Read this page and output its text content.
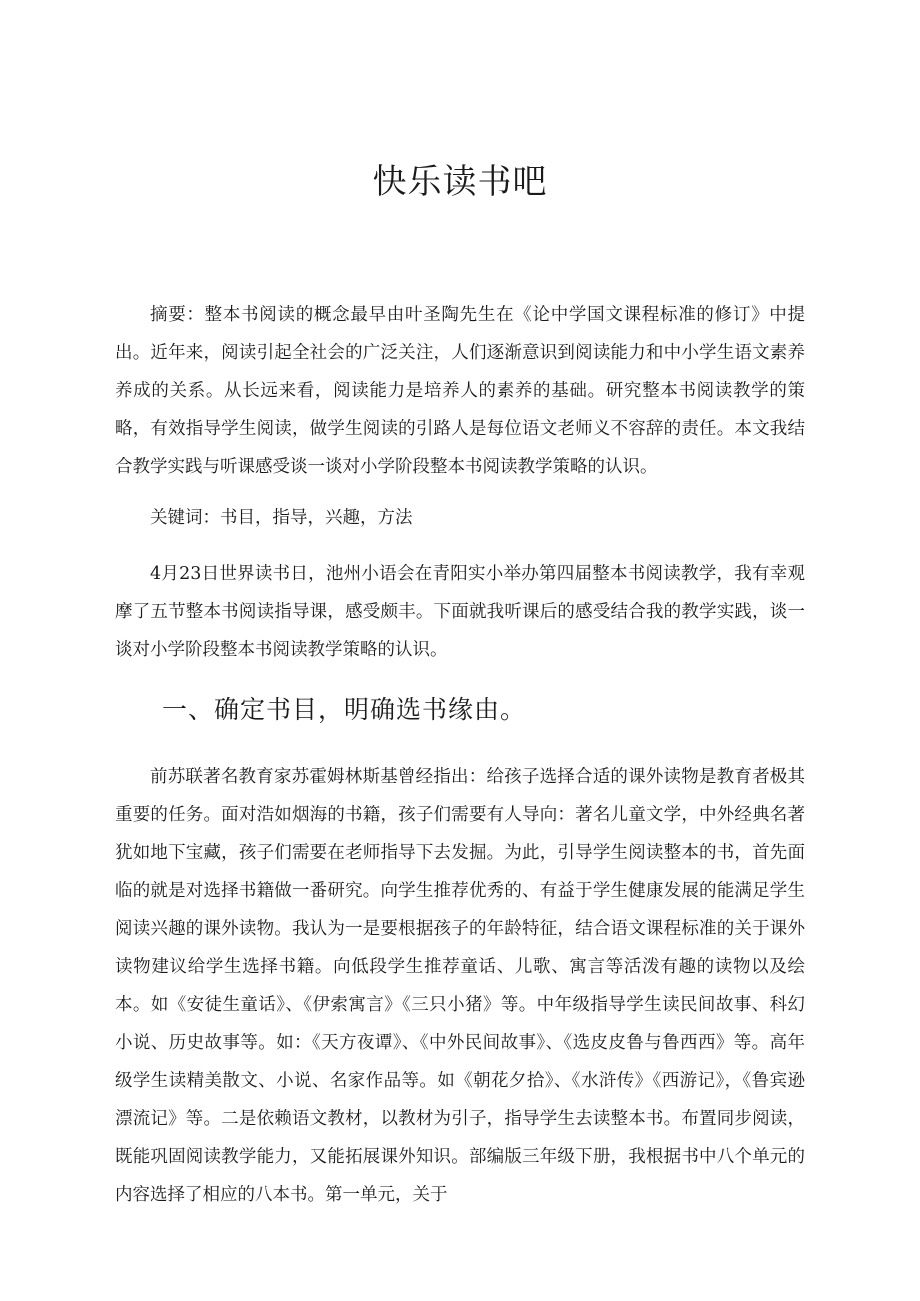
快乐读书吧

摘要：整本书阅读的概念最早由叶圣陶先生在《论中学国文课程标准的修订》中提出。近年来，阅读引起全社会的广泛关注，人们逐渐意识到阅读能力和中小学生语文素养养成的关系。从长远来看，阅读能力是培养人的素养的基础。研究整本书阅读教学的策略，有效指导学生阅读，做学生阅读的引路人是每位语文老师义不容辞的责任。本文我结合教学实践与听课感受谈一谈对小学阶段整本书阅读教学策略的认识。

关键词：书目，指导，兴趣，方法

4月23日世界读书日，池州小语会在青阳实小举办第四届整本书阅读教学，我有幸观摩了五节整本书阅读指导课，感受颇丰。下面就我听课后的感受结合我的教学实践，谈一谈对小学阶段整本书阅读教学策略的认识。

一、确定书目，明确选书缘由。

前苏联著名教育家苏霍姆林斯基曾经指出：给孩子选择合适的课外读物是教育者极其重要的任务。面对浩如烟海的书籍，孩子们需要有人导向：著名儿童文学，中外经典名著犹如地下宝藏，孩子们需要在老师指导下去发掘。为此，引导学生阅读整本的书，首先面临的就是对选择书籍做一番研究。向学生推荐优秀的、有益于学生健康发展的能满足学生阅读兴趣的课外读物。我认为一是要根据孩子的年龄特征，结合语文课程标准的关于课外读物建议给学生选择书籍。向低段学生推荐童话、儿歌、寓言等活泼有趣的读物以及绘本。如《安徒生童话》、《伊索寓言》《三只小猪》等。中年级指导学生读民间故事、科幻小说、历史故事等。如：《天方夜谭》、《中外民间故事》、《选皮皮鲁与鲁西西》等。高年级学生读精美散文、小说、名家作品等。如《朝花夕拾》、《水浒传》《西游记》，《鲁宾逊漂流记》等。二是依赖语文教材，以教材为引子，指导学生去读整本书。布置同步阅读，既能巩固阅读教学能力，又能拓展课外知识。部编版三年级下册，我根据书中八个单元的内容选择了相应的八本书。第一单元，关于
